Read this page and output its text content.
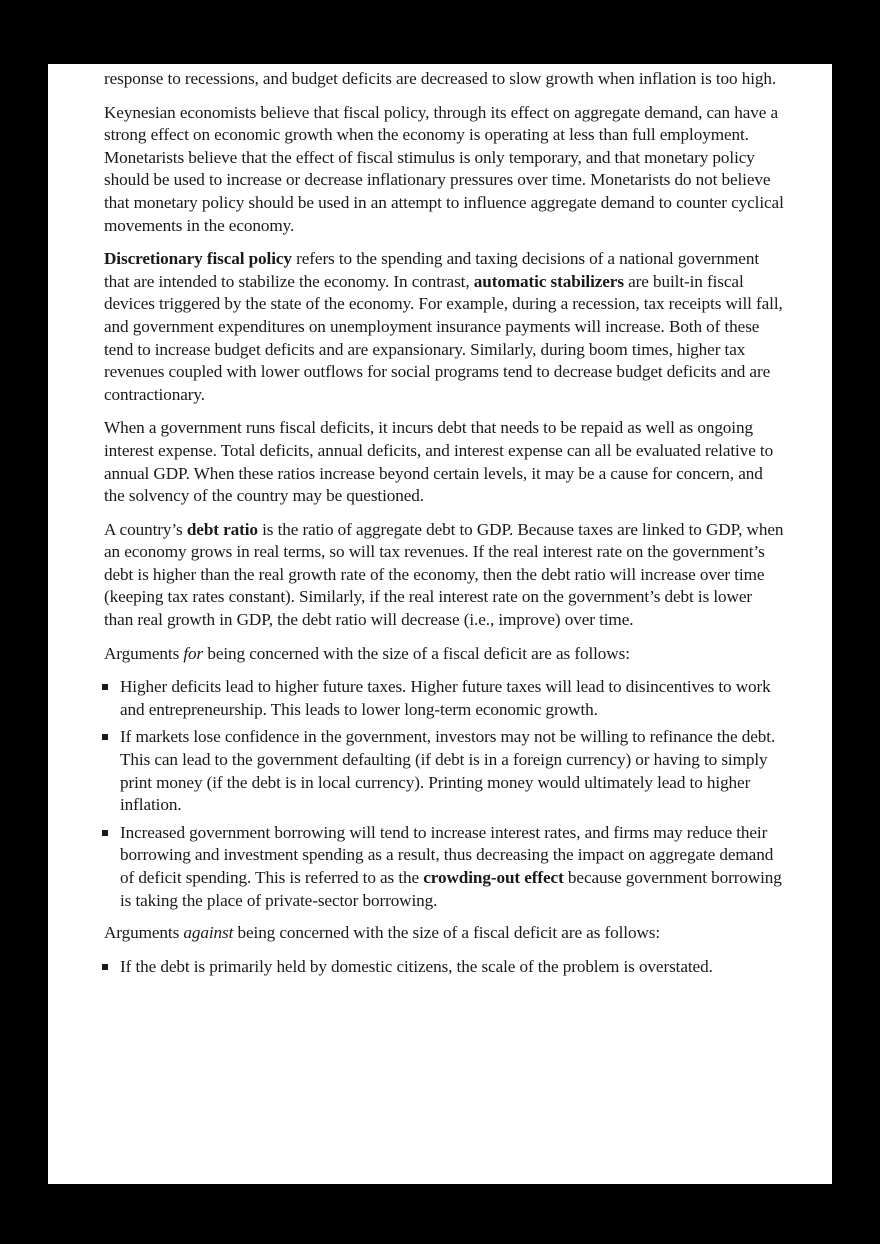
response to recessions, and budget deficits are decreased to slow growth when inflation is too high.

Keynesian economists believe that fiscal policy, through its effect on aggregate demand, can have a strong effect on economic growth when the economy is operating at less than full employment. Monetarists believe that the effect of fiscal stimulus is only temporary, and that monetary policy should be used to increase or decrease inflationary pressures over time. Monetarists do not believe that monetary policy should be used in an attempt to influence aggregate demand to counter cyclical movements in the economy.

Discretionary fiscal policy refers to the spending and taxing decisions of a national government that are intended to stabilize the economy. In contrast, automatic stabilizers are built-in fiscal devices triggered by the state of the economy. For example, during a recession, tax receipts will fall, and government expenditures on unemployment insurance payments will increase. Both of these tend to increase budget deficits and are expansionary. Similarly, during boom times, higher tax revenues coupled with lower outflows for social programs tend to decrease budget deficits and are contractionary.

When a government runs fiscal deficits, it incurs debt that needs to be repaid as well as ongoing interest expense. Total deficits, annual deficits, and interest expense can all be evaluated relative to annual GDP. When these ratios increase beyond certain levels, it may be a cause for concern, and the solvency of the country may be questioned.

A country’s debt ratio is the ratio of aggregate debt to GDP. Because taxes are linked to GDP, when an economy grows in real terms, so will tax revenues. If the real interest rate on the government’s debt is higher than the real growth rate of the economy, then the debt ratio will increase over time (keeping tax rates constant). Similarly, if the real interest rate on the government’s debt is lower than real growth in GDP, the debt ratio will decrease (i.e., improve) over time.

Arguments for being concerned with the size of a fiscal deficit are as follows:

Higher deficits lead to higher future taxes. Higher future taxes will lead to disincentives to work and entrepreneurship. This leads to lower long-term economic growth.
If markets lose confidence in the government, investors may not be willing to refinance the debt. This can lead to the government defaulting (if debt is in a foreign currency) or having to simply print money (if the debt is in local currency). Printing money would ultimately lead to higher inflation.
Increased government borrowing will tend to increase interest rates, and firms may reduce their borrowing and investment spending as a result, thus decreasing the impact on aggregate demand of deficit spending. This is referred to as the crowding-out effect because government borrowing is taking the place of private-sector borrowing.

Arguments against being concerned with the size of a fiscal deficit are as follows:

If the debt is primarily held by domestic citizens, the scale of the problem is overstated.
